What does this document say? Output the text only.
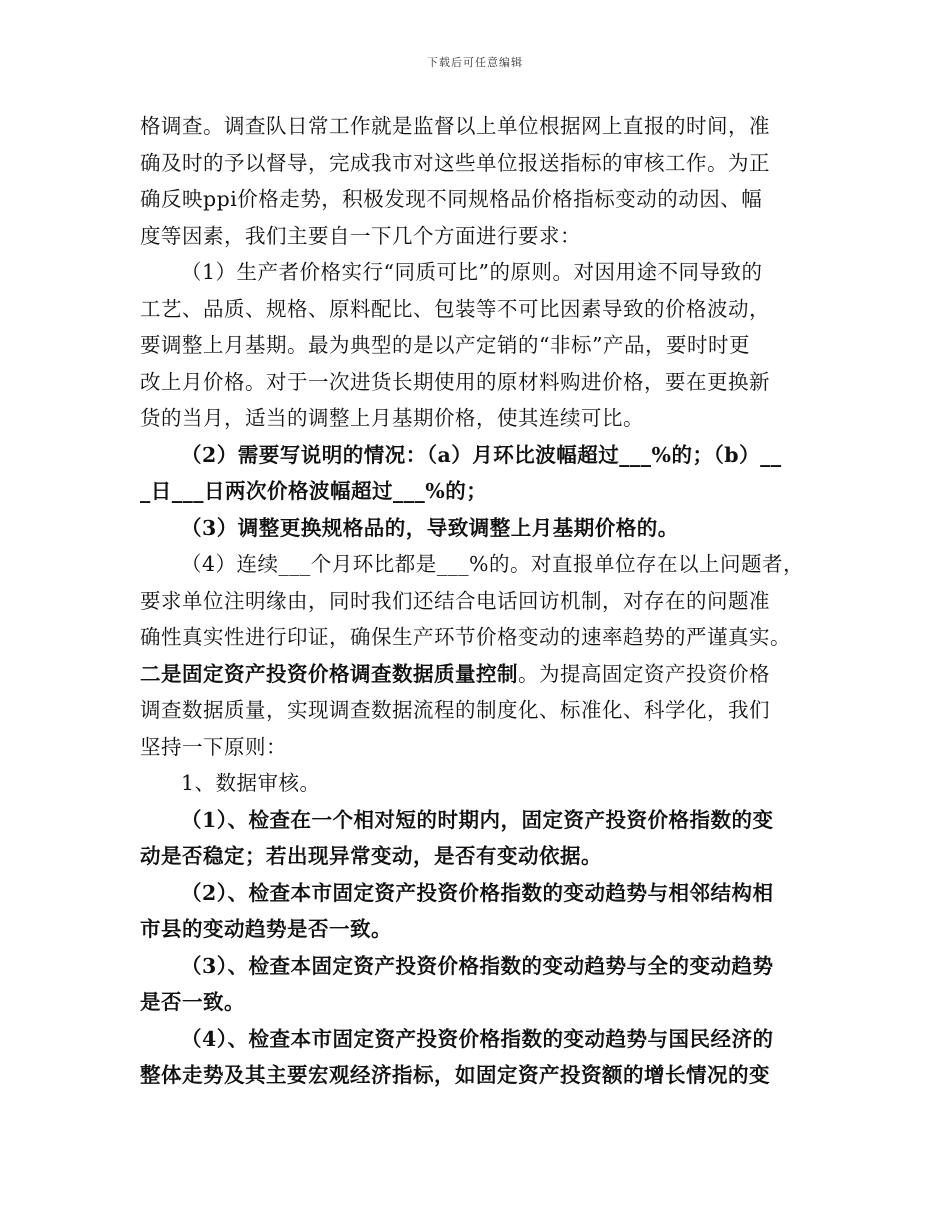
下载后可任意编辑
格调查。调查队日常工作就是监督以上单位根据网上直报的时间，准
确及时的予以督导，完成我市对这些单位报送指标的审核工作。为正
确反映ppi价格走势，积极发现不同规格品价格指标变动的动因、幅
度等因素，我们主要自一下几个方面进行要求：
（1）生产者价格实行“同质可比”的原则。对因用途不同导致的
工艺、品质、规格、原料配比、包装等不可比因素导致的价格波动，
要调整上月基期。最为典型的是以产定销的“非标”产品，要时时更
改上月价格。对于一次进货长期使用的原材料购进价格，要在更换新
货的当月，适当的调整上月基期价格，使其连续可比。
（2）需要写说明的情况：（a）月环比波幅超过___%的；（b）__
_日___日两次价格波幅超过___%的；
（3）调整更换规格品的，导致调整上月基期价格的。
（4）连续___个月环比都是___%的。对直报单位存在以上问题者，
要求单位注明缘由，同时我们还结合电话回访机制，对存在的问题准
确性真实性进行印证，确保生产环节价格变动的速率趋势的严谨真实。
二是固定资产投资价格调查数据质量控制。为提高固定资产投资价格
调查数据质量，实现调查数据流程的制度化、标准化、科学化，我们
坚持一下原则：
1、数据审核。
（1）、检查在一个相对短的时期内，固定资产投资价格指数的变
动是否稳定；若出现异常变动，是否有变动依据。
（2）、检查本市固定资产投资价格指数的变动趋势与相邻结构相
市县的变动趋势是否一致。
（3）、检查本固定资产投资价格指数的变动趋势与全的变动趋势
是否一致。
（4）、检查本市固定资产投资价格指数的变动趋势与国民经济的
整体走势及其主要宏观经济指标，如固定资产投资额的增长情况的变
